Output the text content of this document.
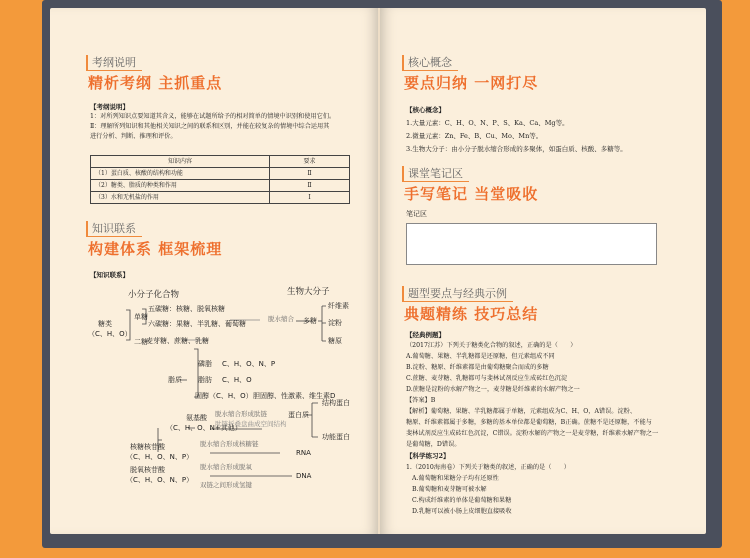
考纲说明
精析考纲 主抓重点
【考纲说明】
1：对所列知识点要知道其含义，能够在试题所给予的相对简单的情境中识别和使用它们。
Ⅱ：理解所列知识和其他相关知识之间的联系和区别，并能在较复杂的情境中综合运用其
进行分析、判断、推理和评价。
知识内容	要求
（1）蛋白质、核酸的结构和功能	Ⅱ
（2）糖类、脂质的种类和作用	Ⅱ
（3）水和无机盐的作用	Ⅰ
知识联系
构建体系 框架梳理
【知识联系】
小分子化合物	生物大分子
糖类
（C、H、O）
单糖
二糖
五碳糖：核糖、脱氧核糖
六碳糖：果糖、半乳糖、葡萄糖
麦芽糖、蔗糖、乳糖
脱水缩合 多糖
纤维素
淀粉
糖原
脂质
磷脂 C、H、O、N、P
脂肪 C、H、O
固醇（C、H、O） 胆固醇、性激素、维生素D
氨基酸
（C、H、O、N+其他）
脱水缩合形成肽链
肽链折叠盘曲成空间结构
蛋白质
结构蛋白
功能蛋白
核糖核苷酸
（C、H、O、N、P）
脱水缩合形成核糖链
RNA
脱氧核苷酸
（C、H、O、N、P）
脱水缩合形成脱氧
DNA
双链之间形成氢键
核心概念
要点归纳 一网打尽
【核心概念】
1.大量元素：C、H、O、N、P、S、Ka、Ca、Mg等。
2.微量元素：Zn、Fe、B、Cu、Mo、Mn等。
3.生物大分子：由小分子脱水缩合形成的多聚体，如蛋白质、核酸、多糖等。
课堂笔记区
手写笔记 当堂吸收
笔记区
题型要点与经典示例
典题精练 技巧总结
【经典例题】
（2017江苏）下列关于糖类化合物的叙述，正确的是（　　）
A.葡萄糖、果糖、半乳糖都是还原糖，但元素组成不同
B.淀粉、糖原、纤维素都是由葡萄糖聚合而成的多糖
C.蔗糖、麦芽糖、乳糖都可与斐林试剂反应生成砖红色沉淀
D.蔗糖是淀粉的水解产物之一，麦芽糖是纤维素的水解产物之一
【答案】B
【解析】葡萄糖、果糖、半乳糖都属于单糖，元素组成为C、H、O，A错误。淀粉、
糖原、纤维素都属于多糖，多糖的基本单位都是葡萄糖，B正确。蔗糖不是还原糖，不能与
斐林试剂反应生成砖红色沉淀，C错误。淀粉水解的产物之一是麦芽糖，纤维素水解产物之一
是葡萄糖，D错误。
【科学练习2】
1.（2010海南卷）下列关于糖类的叙述，正确的是（　　）
A.葡萄糖和果糖分子均有还原性
B.葡萄糖和麦芽糖可被水解
C.构成纤维素的单体是葡萄糖和果糖
D.乳糖可以被小肠上皮细胞直接吸收
